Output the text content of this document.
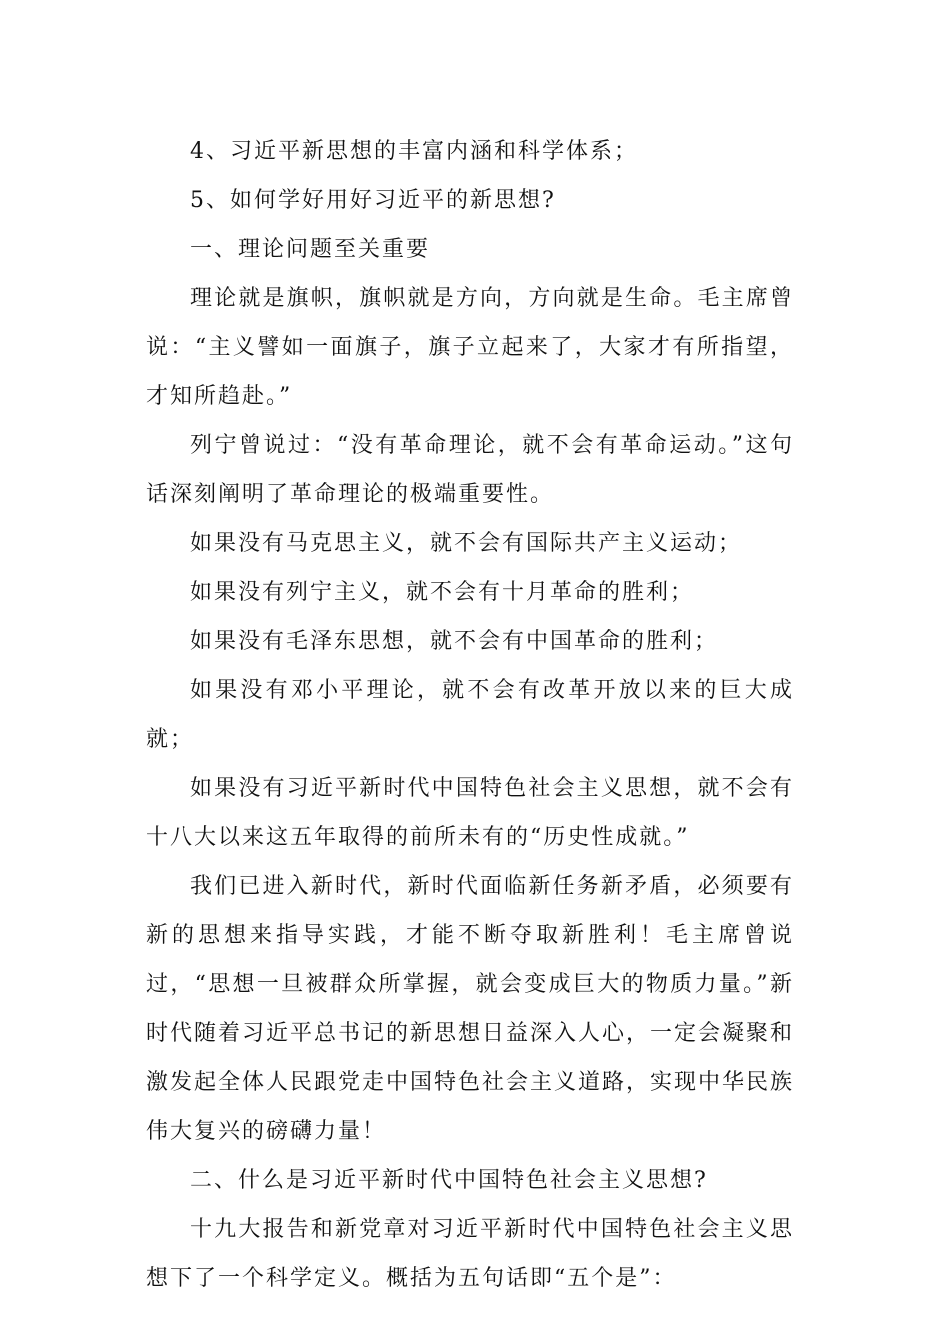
4、习近平新思想的丰富内涵和科学体系；

5、如何学好用好习近平的新思想?

一、理论问题至关重要

理论就是旗帜，旗帜就是方向，方向就是生命。毛主席曾说：“主义譬如一面旗子，旗子立起来了，大家才有所指望，才知所趋赴。”

列宁曾说过：“没有革命理论，就不会有革命运动。”这句话深刻阐明了革命理论的极端重要性。

如果没有马克思主义，就不会有国际共产主义运动；

如果没有列宁主义，就不会有十月革命的胜利；

如果没有毛泽东思想，就不会有中国革命的胜利；

如果没有邓小平理论，就不会有改革开放以来的巨大成就；

如果没有习近平新时代中国特色社会主义思想，就不会有十八大以来这五年取得的前所未有的“历史性成就。”

我们已进入新时代，新时代面临新任务新矛盾，必须要有新的思想来指导实践，才能不断夺取新胜利！毛主席曾说过，“思想一旦被群众所掌握，就会变成巨大的物质力量。”新时代随着习近平总书记的新思想日益深入人心，一定会凝聚和激发起全体人民跟党走中国特色社会主义道路，实现中华民族伟大复兴的磅礴力量！

二、什么是习近平新时代中国特色社会主义思想?

十九大报告和新党章对习近平新时代中国特色社会主义思想下了一个科学定义。概括为五句话即“五个是”：
